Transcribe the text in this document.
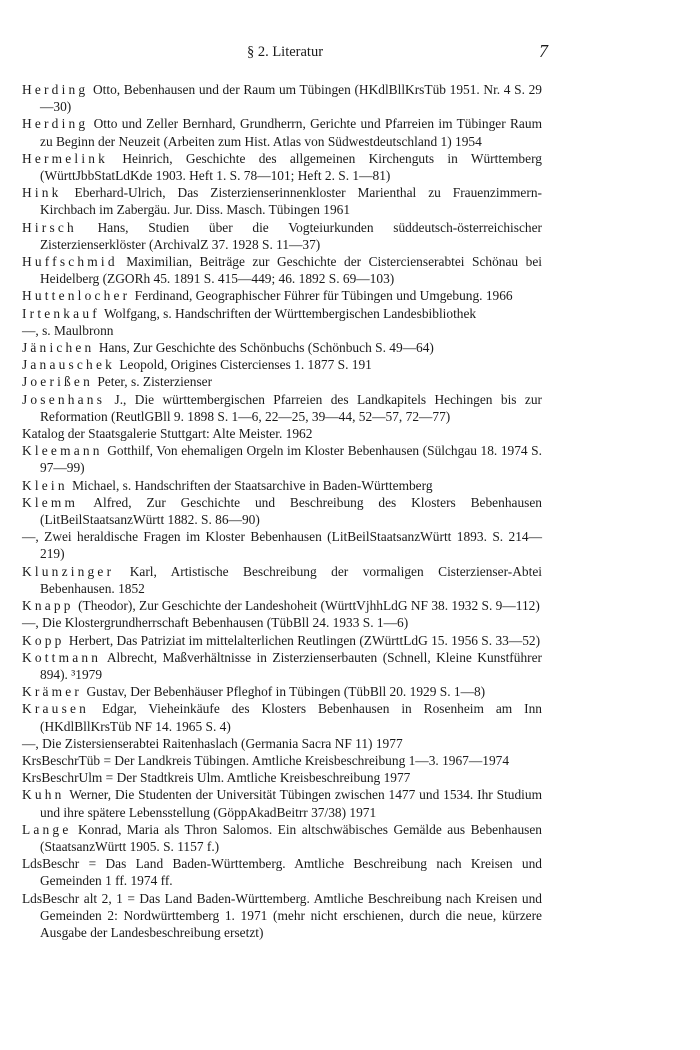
§ 2. Literatur	7

Herding Otto, Bebenhausen und der Raum um Tübingen (HKdlBllKrsTüb 1951. Nr. 4 S. 29—30)

Herding Otto und Zeller Bernhard, Grundherrn, Gerichte und Pfarreien im Tübinger Raum zu Beginn der Neuzeit (Arbeiten zum Hist. Atlas von Südwestdeutschland 1) 1954

Hermelink Heinrich, Geschichte des allgemeinen Kirchenguts in Württemberg (WürttJbbStatLdKde 1903. Heft 1. S. 78—101; Heft 2. S. 1—81)

Hink Eberhard-Ulrich, Das Zisterzienserinnenkloster Marienthal zu Frauenzimmern-Kirchbach im Zabergäu. Jur. Diss. Masch. Tübingen 1961

Hirsch Hans, Studien über die Vogteiurkunden süddeutsch-österreichischer Zisterzienserklöster (ArchivalZ 37. 1928 S. 11—37)

Huffschmid Maximilian, Beiträge zur Geschichte der Cistercienserabtei Schönau bei Heidelberg (ZGORh 45. 1891 S. 415—449; 46. 1892 S. 69—103)

Huttenlocher Ferdinand, Geographischer Führer für Tübingen und Umgebung. 1966

Irtenkauf Wolfgang, s. Handschriften der Württembergischen Landesbibliothek

—, s. Maulbronn

Jänichen Hans, Zur Geschichte des Schönbuchs (Schönbuch S. 49—64)

Janauschek Leopold, Origines Cistercienses 1. 1877 S. 191

Joerißen Peter, s. Zisterzienser

Josenhans J., Die württembergischen Pfarreien des Landkapitels Hechingen bis zur Reformation (ReutlGBll 9. 1898 S. 1—6, 22—25, 39—44, 52—57, 72—77)

Katalog der Staatsgalerie Stuttgart: Alte Meister. 1962

Kleemann Gotthilf, Von ehemaligen Orgeln im Kloster Bebenhausen (Sülchgau 18. 1974 S. 97—99)

Klein Michael, s. Handschriften der Staatsarchive in Baden-Württemberg

Klemm Alfred, Zur Geschichte und Beschreibung des Klosters Bebenhausen (LitBeilStaatsanzWürtt 1882. S. 86—90)

—, Zwei heraldische Fragen im Kloster Bebenhausen (LitBeilStaatsanzWürtt 1893. S. 214—219)

Klunzinger Karl, Artistische Beschreibung der vormaligen Cisterzienser-Abtei Bebenhausen. 1852

Knapp (Theodor), Zur Geschichte der Landeshoheit (WürttVjhhLdG NF 38. 1932 S. 9—112)

—, Die Klostergrundherrschaft Bebenhausen (TübBll 24. 1933 S. 1—6)

Kopp Herbert, Das Patriziat im mittelalterlichen Reutlingen (ZWürttLdG 15. 1956 S. 33—52)

Kottmann Albrecht, Maßverhältnisse in Zisterzienserbauten (Schnell, Kleine Kunstführer 894). ³1979

Krämer Gustav, Der Bebenhäuser Pfleghof in Tübingen (TübBll 20. 1929 S. 1—8)

Krausen Edgar, Vieheinkäufe des Klosters Bebenhausen in Rosenheim am Inn (HKdlBllKrsTüb NF 14. 1965 S. 4)

—, Die Zistersienserabtei Raitenhaslach (Germania Sacra NF 11) 1977

KrsBeschrTüb = Der Landkreis Tübingen. Amtliche Kreisbeschreibung 1—3. 1967—1974

KrsBeschrUlm = Der Stadtkreis Ulm. Amtliche Kreisbeschreibung 1977

Kuhn Werner, Die Studenten der Universität Tübingen zwischen 1477 und 1534. Ihr Studium und ihre spätere Lebensstellung (GöppAkadBeitrr 37/38) 1971

Lange Konrad, Maria als Thron Salomos. Ein altschwäbisches Gemälde aus Bebenhausen (StaatsanzWürtt 1905. S. 1157 f.)

LdsBeschr = Das Land Baden-Württemberg. Amtliche Beschreibung nach Kreisen und Gemeinden 1 ff. 1974 ff.

LdsBeschr alt 2, 1 = Das Land Baden-Württemberg. Amtliche Beschreibung nach Kreisen und Gemeinden 2: Nordwürttemberg 1. 1971 (mehr nicht erschienen, durch die neue, kürzere Ausgabe der Landesbeschreibung ersetzt)
